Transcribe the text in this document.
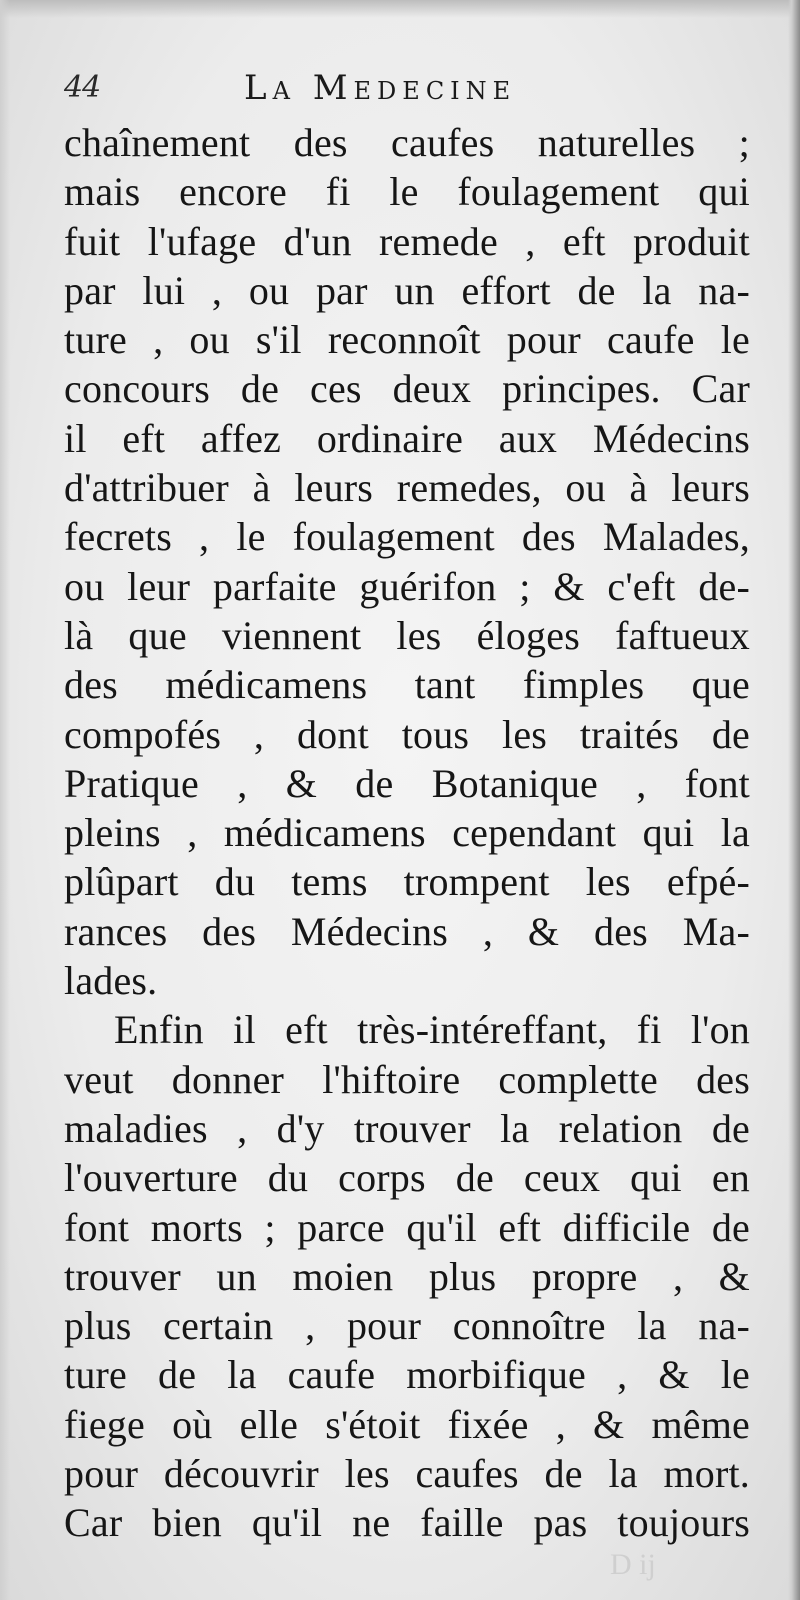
44	La Medecine
chaînement des caufes naturelles ;
mais encore fi le foulagement qui
fuit l'ufage d'un remede , eft produit
par lui , ou par un effort de la na-
ture , ou s'il reconnoît pour caufe le
concours de ces deux principes. Car
il eft affez ordinaire aux Médecins
d'attribuer à leurs remedes, ou à leurs
fecrets , le foulagement des Malades,
ou leur parfaite guérifon ; & c'eft de-
là que viennent les éloges faftueux
des médicamens tant fimples que
compofés , dont tous les traités de
Pratique , & de Botanique , font
pleins , médicamens cependant qui la
plûpart du tems trompent les efpé-
rances des Médecins , & des Ma-
lades.
Enfin il eft très-intéreffant, fi l'on
veut donner l'hiftoire complette des
maladies , d'y trouver la relation de
l'ouverture du corps de ceux qui en
font morts ; parce qu'il eft difficile de
trouver un moien plus propre , &
plus certain , pour connoître la na-
ture de la caufe morbifique , & le
fiege où elle s'étoit fixée , & même
pour découvrir les caufes de la mort.
Car bien qu'il ne faille pas toujours
D ij
